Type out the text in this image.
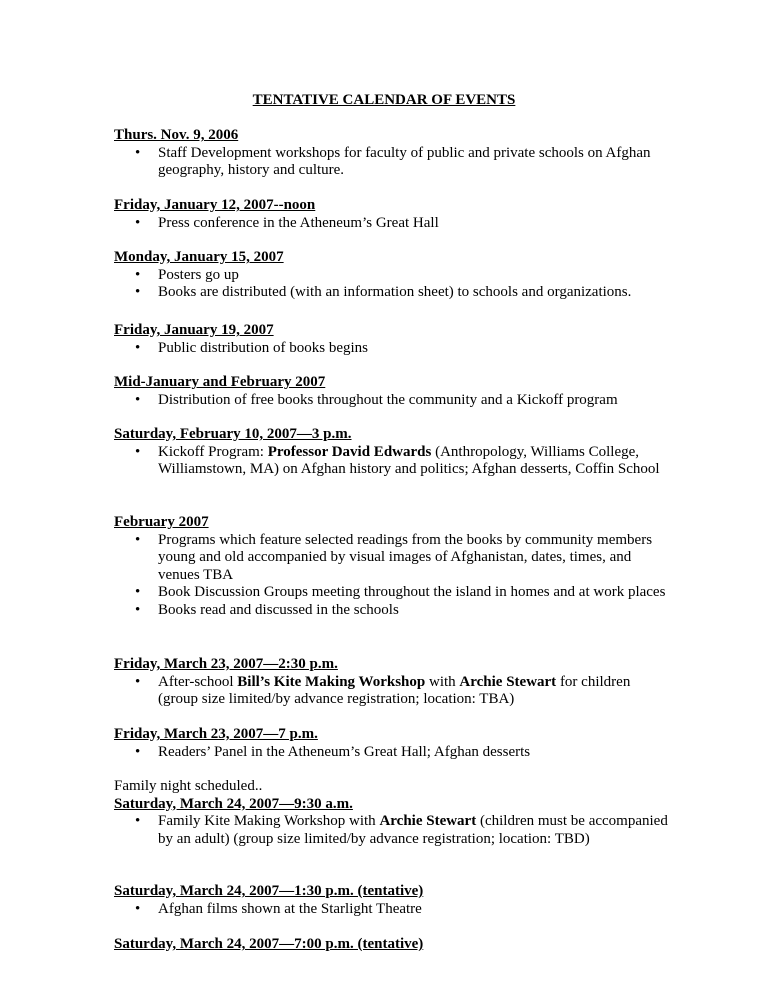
TENTATIVE CALENDAR OF EVENTS

Thurs. Nov. 9, 2006

• Staff Development workshops for faculty of public and private schools on Afghan geography, history and culture.

Friday, January 12, 2007--noon

• Press conference in the Atheneum’s Great Hall

Monday, January 15, 2007

• Posters go up
• Books are distributed (with an information sheet) to schools and organizations.

Friday, January 19, 2007

• Public distribution of books begins

Mid-January and February 2007

• Distribution of free books throughout the community and a Kickoff program

Saturday, February 10, 2007—3 p.m.

• Kickoff Program: Professor David Edwards (Anthropology, Williams College, Williamstown, MA) on Afghan history and politics; Afghan desserts, Coffin School

February 2007

• Programs which feature selected readings from the books by community members young and old accompanied by visual images of Afghanistan, dates, times, and venues TBA
• Book Discussion Groups meeting throughout the island in homes and at work places
• Books read and discussed in the schools

Friday, March 23, 2007—2:30 p.m.

• After-school Bill’s Kite Making Workshop with Archie Stewart for children (group size limited/by advance registration; location: TBA)

Friday, March 23, 2007—7 p.m.

• Readers’ Panel in the Atheneum’s Great Hall; Afghan desserts

Family night scheduled..

Saturday, March 24, 2007—9:30 a.m.

• Family Kite Making Workshop with Archie Stewart (children must be accompanied by an adult) (group size limited/by advance registration; location: TBD)

Saturday, March 24, 2007—1:30 p.m. (tentative)

• Afghan films shown at the Starlight Theatre

Saturday, March 24, 2007—7:00 p.m. (tentative)
